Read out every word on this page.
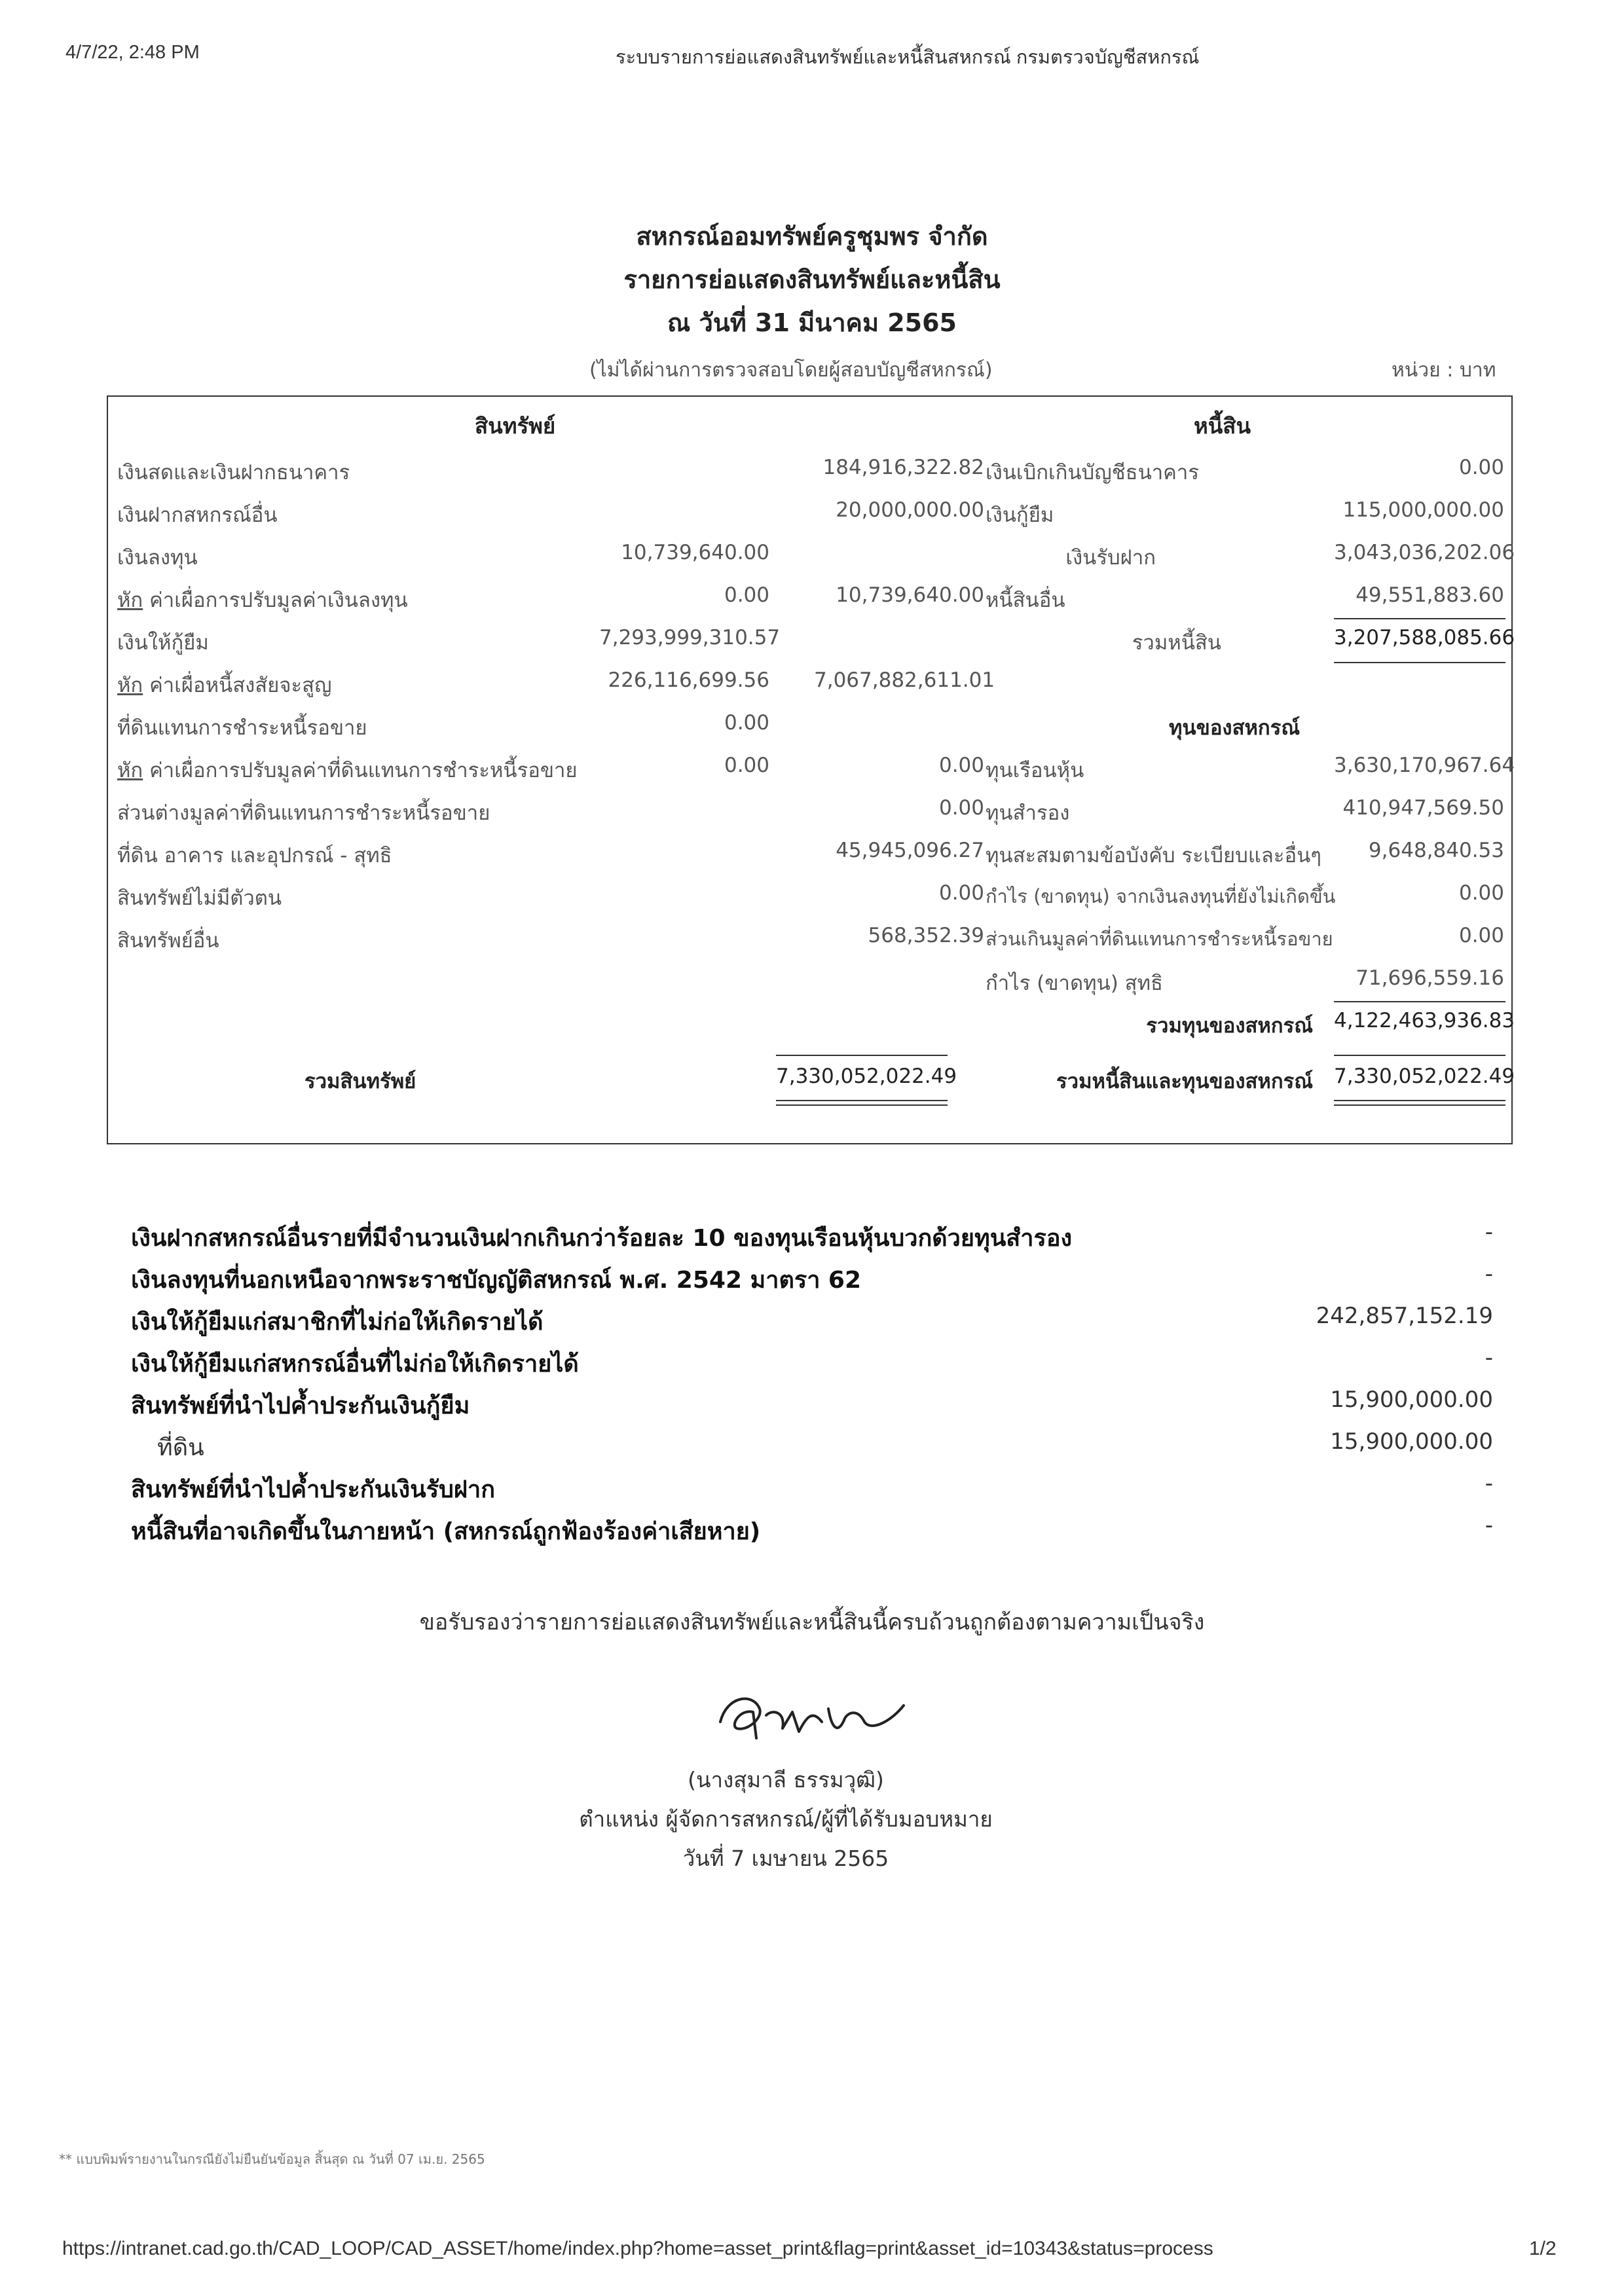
4/7/22, 2:48 PM	ระบบรายการย่อแสดงสินทรัพย์และหนี้สินสหกรณ์ กรมตรวจบัญชีสหกรณ์
สหกรณ์ออมทรัพย์ครูชุมพร จำกัด
รายการย่อแสดงสินทรัพย์และหนี้สิน
ณ วันที่ 31 มีนาคม 2565
(ไม่ได้ผ่านการตรวจสอบโดยผู้สอบบัญชีสหกรณ์)	หน่วย : บาท
สินทรัพย์	หนี้สิน
เงินสดและเงินฝากธนาคาร	184,916,322.82 เงินเบิกเกินบัญชีธนาคาร	0.00
เงินฝากสหกรณ์อื่น	20,000,000.00 เงินกู้ยืม	115,000,000.00
เงินลงทุน	10,739,640.00	เงินรับฝาก	3,043,036,202.06
หัก ค่าเผื่อการปรับมูลค่าเงินลงทุน	0.00	10,739,640.00 หนี้สินอื่น	49,551,883.60
เงินให้กู้ยืม	7,293,999,310.57	รวมหนี้สิน	3,207,588,085.66
หัก ค่าเผื่อหนี้สงสัยจะสูญ	226,116,699.56 7,067,882,611.01
ที่ดินแทนการชำระหนี้รอขาย	0.00	ทุนของสหกรณ์
หัก ค่าเผื่อการปรับมูลค่าที่ดินแทนการชำระหนี้รอขาย	0.00	0.00 ทุนเรือนหุ้น	3,630,170,967.64
ส่วนต่างมูลค่าที่ดินแทนการชำระหนี้รอขาย	0.00 ทุนสำรอง	410,947,569.50
ที่ดิน อาคาร และอุปกรณ์ - สุทธิ	45,945,096.27 ทุนสะสมตามข้อบังคับ ระเบียบและอื่นๆ	9,648,840.53
สินทรัพย์ไม่มีตัวตน	0.00 กำไร (ขาดทุน) จากเงินลงทุนที่ยังไม่เกิดขึ้น	0.00
สินทรัพย์อื่น	568,352.39 ส่วนเกินมูลค่าที่ดินแทนการชำระหนี้รอขาย	0.00
กำไร (ขาดทุน) สุทธิ	71,696,559.16
รวมทุนของสหกรณ์ 4,122,463,936.83
รวมสินทรัพย์	7,330,052,022.49	รวมหนี้สินและทุนของสหกรณ์ 7,330,052,022.49
เงินฝากสหกรณ์อื่นรายที่มีจำนวนเงินฝากเกินกว่าร้อยละ 10 ของทุนเรือนหุ้นบวกด้วยทุนสำรอง	-
เงินลงทุนที่นอกเหนือจากพระราชบัญญัติสหกรณ์ พ.ศ. 2542 มาตรา 62	-
เงินให้กู้ยืมแก่สมาชิกที่ไม่ก่อให้เกิดรายได้	242,857,152.19
เงินให้กู้ยืมแก่สหกรณ์อื่นที่ไม่ก่อให้เกิดรายได้	-
สินทรัพย์ที่นำไปค้ำประกันเงินกู้ยืม	15,900,000.00
ที่ดิน	15,900,000.00
สินทรัพย์ที่นำไปค้ำประกันเงินรับฝาก	-
หนี้สินที่อาจเกิดขึ้นในภายหน้า (สหกรณ์ถูกฟ้องร้องค่าเสียหาย)	-
ขอรับรองว่ารายการย่อแสดงสินทรัพย์และหนี้สินนี้ครบถ้วนถูกต้องตามความเป็นจริง
(นางสุมาลี ธรรมวุฒิ)
ตำแหน่ง ผู้จัดการสหกรณ์/ผู้ที่ได้รับมอบหมาย
วันที่ 7 เมษายน 2565
** แบบพิมพ์รายงานในกรณียังไม่ยืนยันข้อมูล สิ้นสุด ณ วันที่ 07 เม.ย. 2565
https://intranet.cad.go.th/CAD_LOOP/CAD_ASSET/home/index.php?home=asset_print&flag=print&asset_id=10343&status=process	1/2
